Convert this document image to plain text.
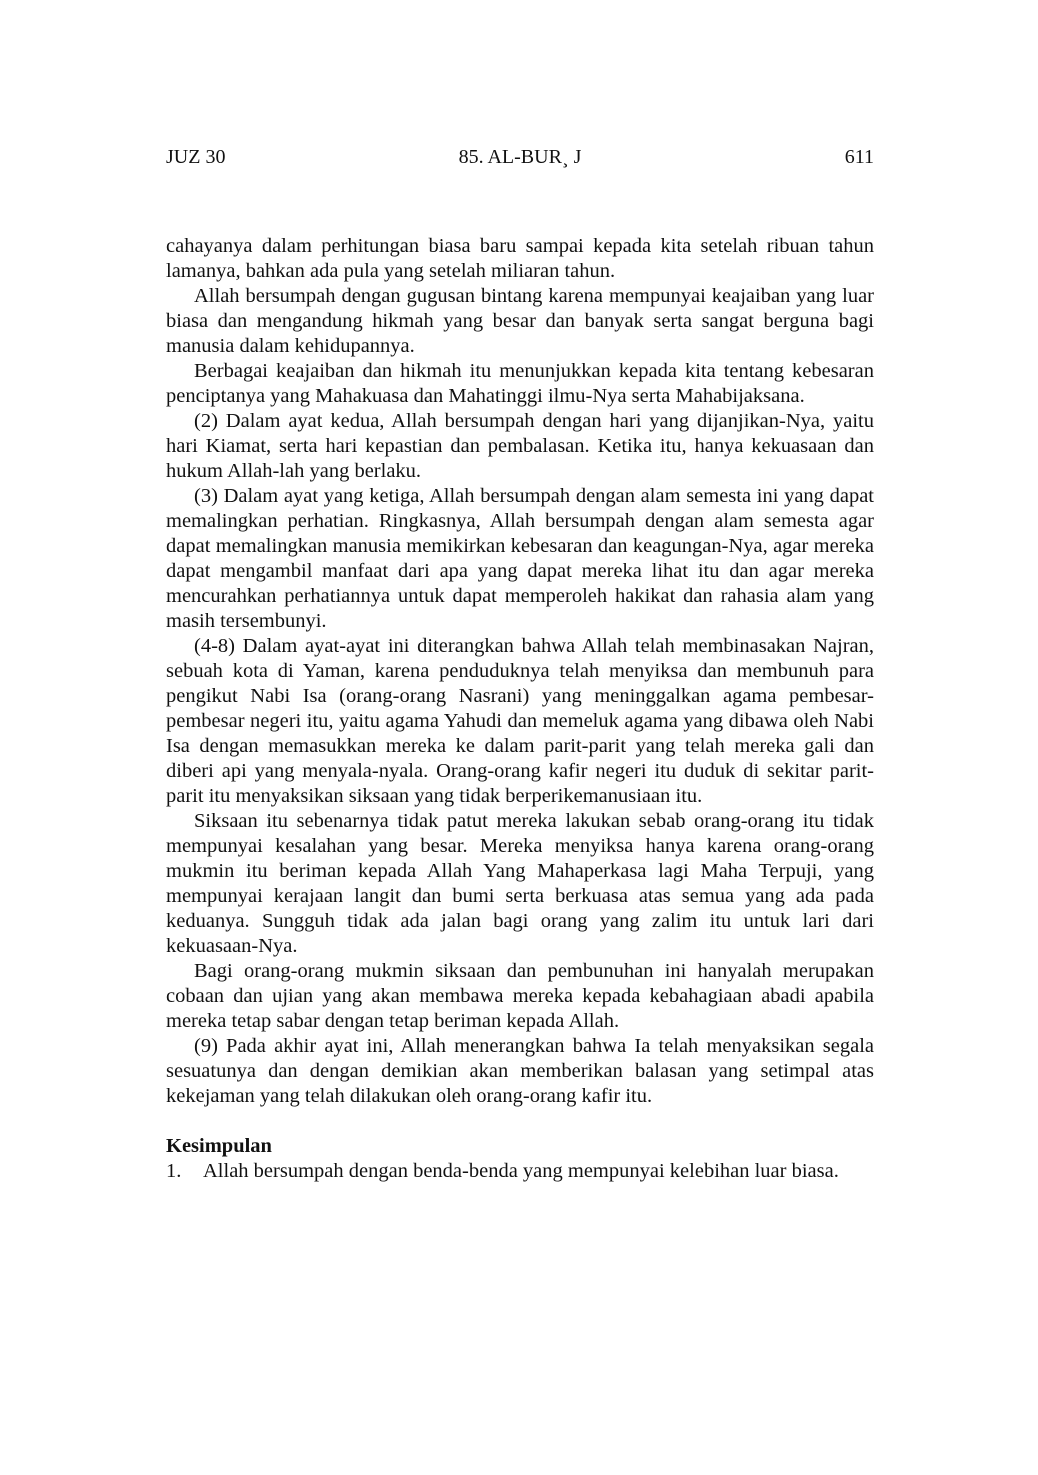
JUZ 30	85. AL-BUR¸ J	611

cahayanya dalam perhitungan biasa baru sampai kepada kita setelah ribuan tahun lamanya, bahkan ada pula yang setelah miliaran tahun.

Allah bersumpah dengan gugusan bintang karena mempunyai keajaiban yang luar biasa dan mengandung hikmah yang besar dan banyak serta sangat berguna bagi manusia dalam kehidupannya.

Berbagai keajaiban dan hikmah itu menunjukkan kepada kita tentang kebesaran penciptanya yang Mahakuasa dan Mahatinggi ilmu-Nya serta Mahabijaksana.

(2) Dalam ayat kedua, Allah bersumpah dengan hari yang dijanjikan-Nya, yaitu hari Kiamat, serta hari kepastian dan pembalasan. Ketika itu, hanya kekuasaan dan hukum Allah-lah yang berlaku.

(3) Dalam ayat yang ketiga, Allah bersumpah dengan alam semesta ini yang dapat memalingkan perhatian. Ringkasnya, Allah bersumpah dengan alam semesta agar dapat memalingkan manusia memikirkan kebesaran dan keagungan-Nya, agar mereka dapat mengambil manfaat dari apa yang dapat mereka lihat itu dan agar mereka mencurahkan perhatiannya untuk dapat memperoleh hakikat dan rahasia alam yang masih tersembunyi.

(4-8) Dalam ayat-ayat ini diterangkan bahwa Allah telah membinasakan Najran, sebuah kota di Yaman, karena penduduknya telah menyiksa dan membunuh para pengikut Nabi Isa (orang-orang Nasrani) yang meninggalkan agama pembesar-pembesar negeri itu, yaitu agama Yahudi dan memeluk agama yang dibawa oleh Nabi Isa dengan memasukkan mereka ke dalam parit-parit yang telah mereka gali dan diberi api yang menyala-nyala. Orang-orang kafir negeri itu duduk di sekitar parit-parit itu menyaksikan siksaan yang tidak berperikemanusiaan itu.

Siksaan itu sebenarnya tidak patut mereka lakukan sebab orang-orang itu tidak mempunyai kesalahan yang besar. Mereka menyiksa hanya karena orang-orang mukmin itu beriman kepada Allah Yang Mahaperkasa lagi Maha Terpuji, yang mempunyai kerajaan langit dan bumi serta berkuasa atas semua yang ada pada keduanya. Sungguh tidak ada jalan bagi orang yang zalim itu untuk lari dari kekuasaan-Nya.

Bagi orang-orang mukmin siksaan dan pembunuhan ini hanyalah merupakan cobaan dan ujian yang akan membawa mereka kepada kebahagiaan abadi apabila mereka tetap sabar dengan tetap beriman kepada Allah.

(9) Pada akhir ayat ini, Allah menerangkan bahwa Ia telah menyaksikan segala sesuatunya dan dengan demikian akan memberikan balasan yang setimpal atas kekejaman yang telah dilakukan oleh orang-orang kafir itu.

Kesimpulan
1. Allah bersumpah dengan benda-benda yang mempunyai kelebihan luar biasa.
